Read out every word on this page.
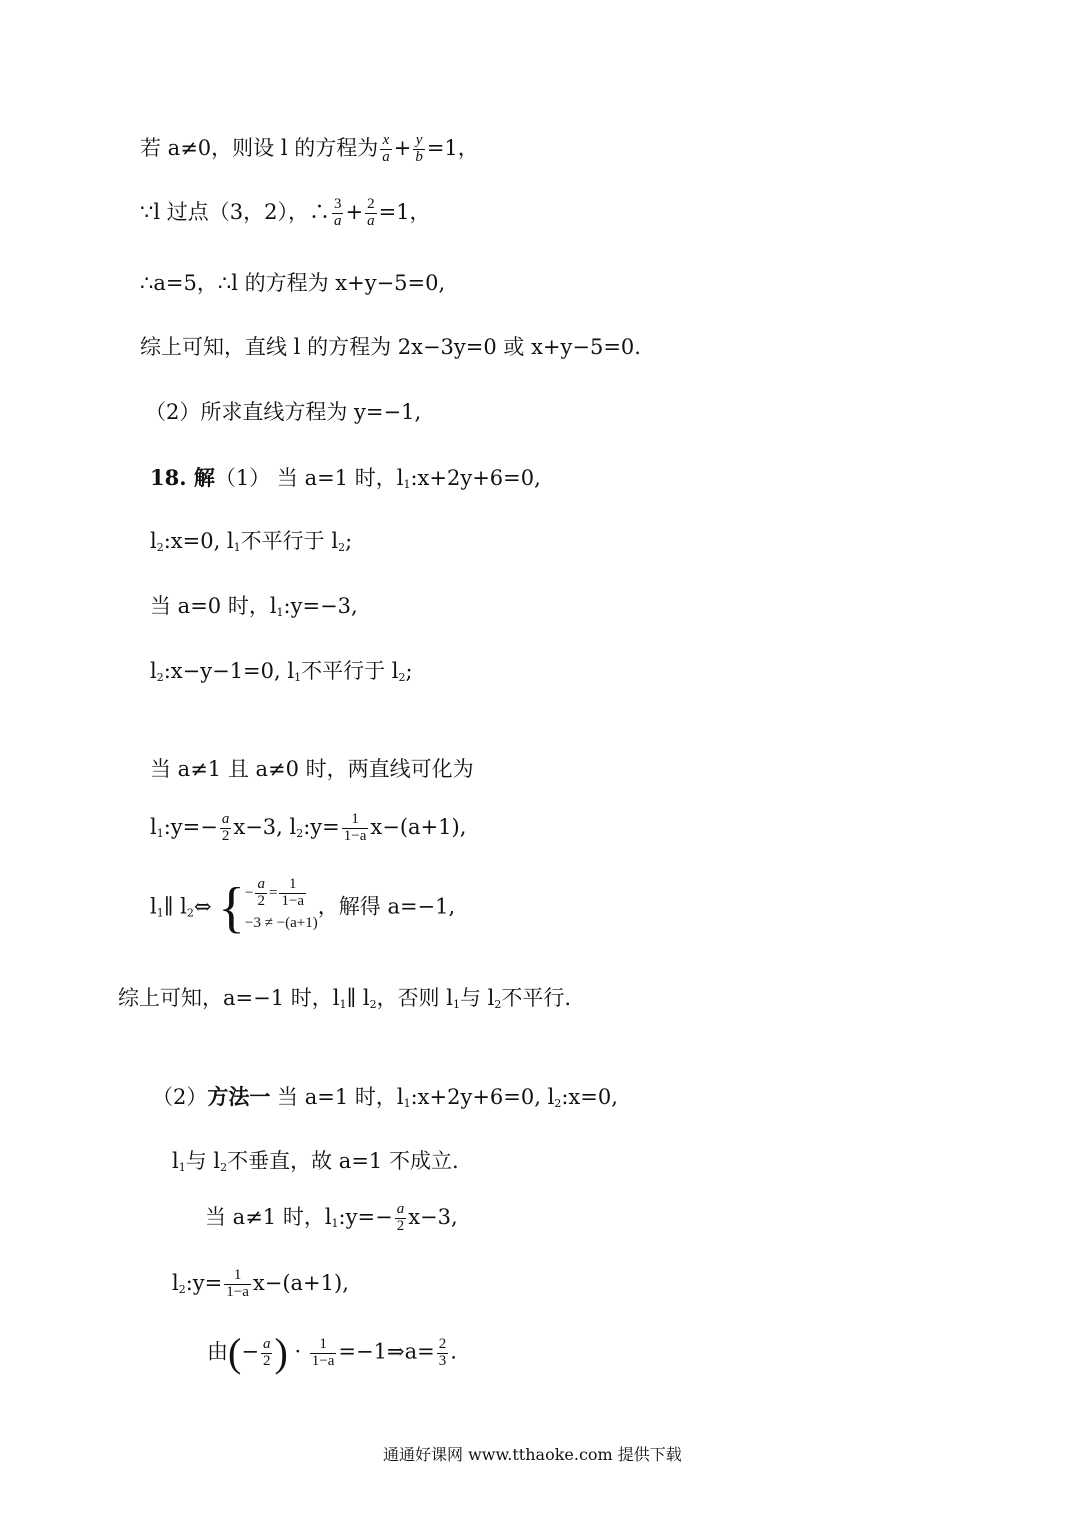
若 a≠0，则设 l 的方程为 $\frac{x}{a} + \frac{y}{b} =1$，
∵l 过点（3，2），∴ $\frac{3}{a} + \frac{2}{a} =1$，
∴a=5，∴l 的方程为 x+y−5=0,
综上可知，直线 l 的方程为 2x−3y=0 或 x+y−5=0.
（2）所求直线方程为 y=−1,
18. 解（1） 当 a=1 时，$l_1:x+2y+6=0$,
$l_2:x=0$, $l_1$不平行于 $l_2$;
当 a=0 时，$l_1:y=-3$,
$l_2:x-y-1=0$, $l_1$不平行于 $l_2$;
当 a≠1 且 a≠0 时，两直线可化为
$l_1:y=- \frac{a}{2} x-3$, $l_2:y= \frac{1}{1-a} x-(a+1)$,
$l_1\parallel$ $l_2\Leftrightarrow$ { − $\frac{a}{2} = \frac{1}{1-a}$
−3 ≠ −(a+1)
，解得 a=−1,
综上可知，a=−1 时，$l_1\parallel$ $l_2$，否则 $l_1$与 $l_2$不平行.
（2）方法一 当 a=1 时，$l_1:x+2y+6=0$, $l_2:x=0$,
$l_1$与 $l_2$不垂直，故 a=1 不成立.
当 a≠1 时，$l_1:y=- \frac{a}{2} x-3$,
$l_2:y= \frac{1}{1-a} x-(a+1)$,
由(− $\frac{a}{2}$ ) · $\frac{1}{1-a}$ =−1⇒a= $\frac{2}{3}$ .
通通好课网 www.tthaoke.com 提供下载
